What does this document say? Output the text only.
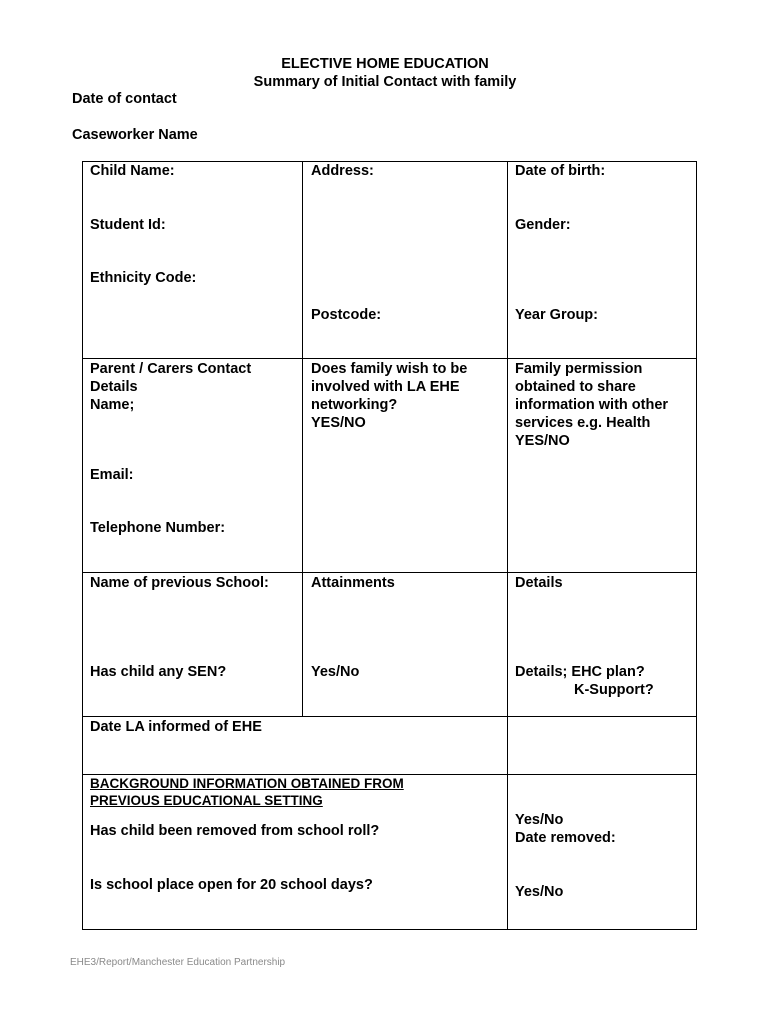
ELECTIVE HOME EDUCATION
Summary of Initial Contact with family
Date of contact
Caseworker Name
Child Name:
Student Id:
Ethnicity Code:
Address:
Postcode:
Date of birth:
Gender:
Year Group:
Parent / Carers Contact
Details
Name;
Email:
Telephone Number:
Does family wish to be
involved with LA EHE
networking?
YES/NO
Family permission
obtained to share
information with other
services e.g. Health
YES/NO
Name of previous School:
Has child any SEN?
Attainments
Yes/No
Details
Details; EHC plan?
K-Support?
Date LA informed of EHE
BACKGROUND INFORMATION OBTAINED FROM
PREVIOUS EDUCATIONAL SETTING
Has child been removed from school roll?
Is school place open for 20 school days?
Yes/No
Date removed:
Yes/No
EHE3/Report/Manchester Education Partnership
